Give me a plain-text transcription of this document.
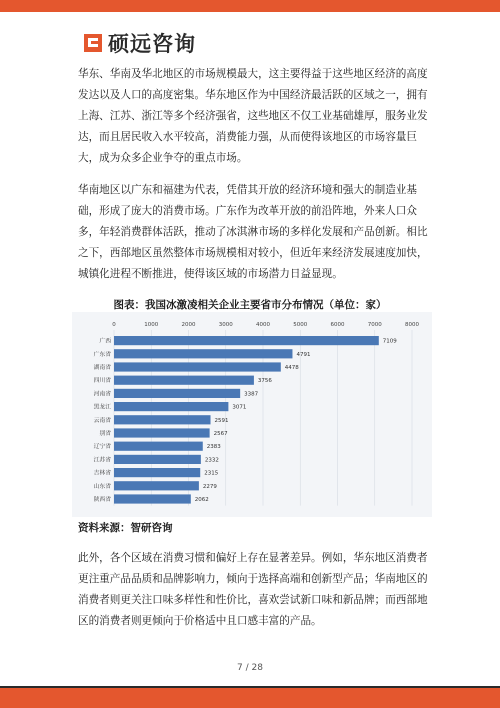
硕远咨询

华东、华南及华北地区的市场规模最大，这主要得益于这些地区经济的高度发达以及人口的高度密集。华东地区作为中国经济最活跃的区域之一，拥有上海、江苏、浙江等多个经济强省，这些地区不仅工业基础雄厚，服务业发达，而且居民收入水平较高，消费能力强，从而使得该地区的市场容量巨大，成为众多企业争夺的重点市场。

华南地区以广东和福建为代表，凭借其开放的经济环境和强大的制造业基础，形成了庞大的消费市场。广东作为改革开放的前沿阵地，外来人口众多，年轻消费群体活跃，推动了冰淇淋市场的多样化发展和产品创新。相比之下，西部地区虽然整体市场规模相对较小，但近年来经济发展速度加快，城镇化进程不断推进，使得该区域的市场潜力日益显现。

图表：我国冰激凌相关企业主要省市分布情况（单位：家）
0	1000	2000	3000	4000	5000	6000	7000	8000
广西	7109
广东省	4791
湖南省	4478
四川省	3756
河南省	3387
黑龙江	3071
云南省	2591
别省	2567
辽宁省	2383
江苏省	2332
吉林省	2315
山东省	2279
陕西省	2062
资料来源：智研咨询

此外，各个区域在消费习惯和偏好上存在显著差异。例如，华东地区消费者更注重产品品质和品牌影响力，倾向于选择高端和创新型产品；华南地区的消费者则更关注口味多样性和性价比，喜欢尝试新口味和新品牌；而西部地区的消费者则更倾向于价格适中且口感丰富的产品。

7 / 28
